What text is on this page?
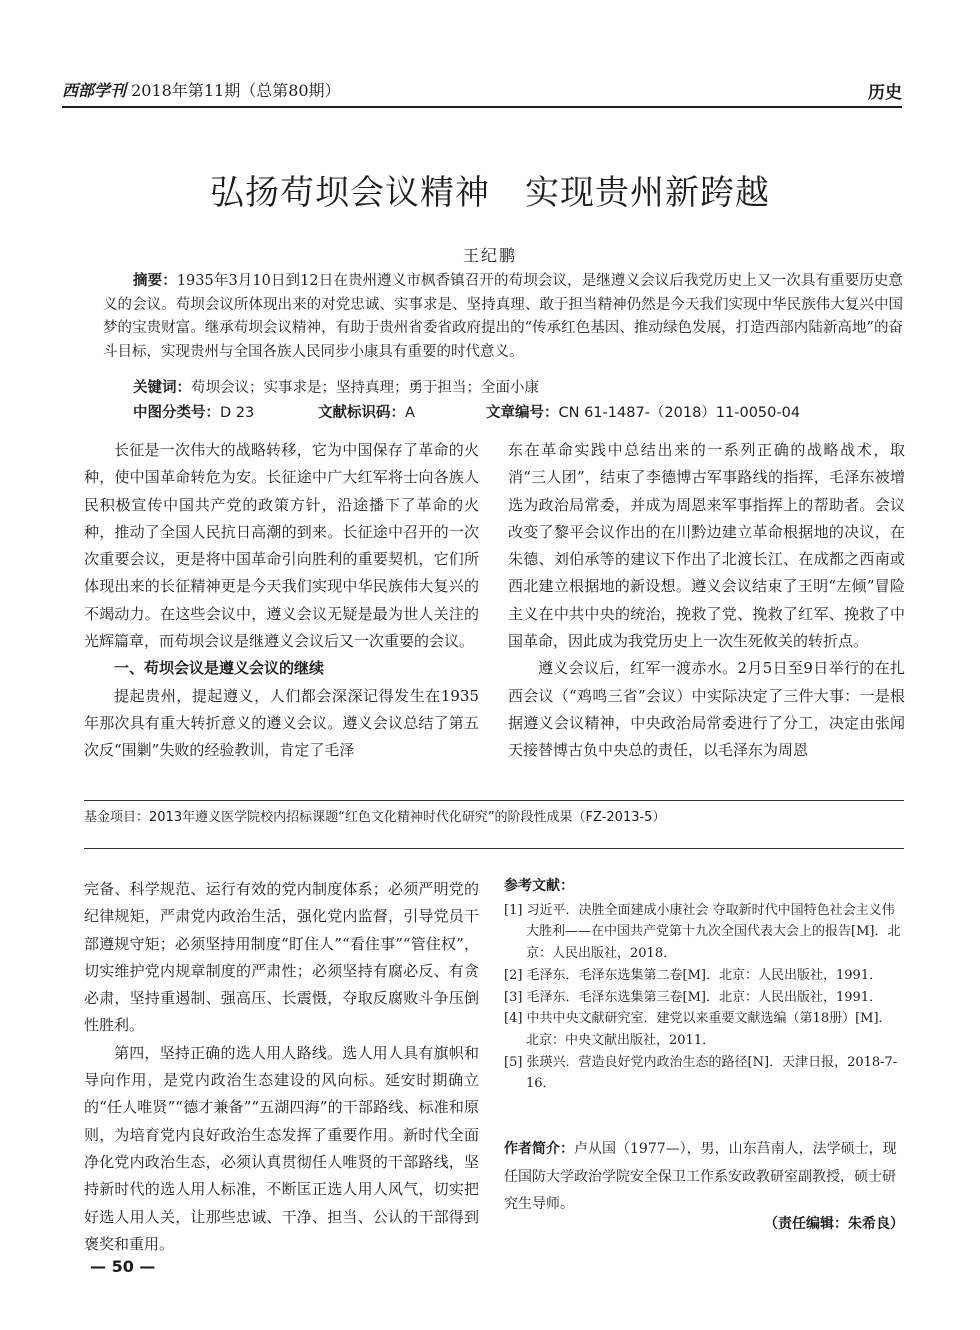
西部学刊 2018年第11期（总第80期）	历史
弘扬苟坝会议精神　实现贵州新跨越
王纪鹏
摘要：1935年3月10日到12日在贵州遵义市枫香镇召开的苟坝会议，是继遵义会议后我党历史上又一次具有重要历史意义的会议。苟坝会议所体现出来的对党忠诚、实事求是、坚持真理、敢于担当精神仍然是今天我们实现中华民族伟大复兴中国梦的宝贵财富。继承苟坝会议精神，有助于贵州省委省政府提出的“传承红色基因、推动绿色发展，打造西部内陆新高地”的奋斗目标，实现贵州与全国各族人民同步小康具有重要的时代意义。
关键词：苟坝会议；实事求是；坚持真理；勇于担当；全面小康
中图分类号：D 23	文献标识码：A	文章编号：CN 61-1487-（2018）11-0050-04

长征是一次伟大的战略转移，它为中国保存了革命的火种，使中国革命转危为安。长征途中广大红军将士向各族人民积极宣传中国共产党的政策方针，沿途播下了革命的火种，推动了全国人民抗日高潮的到来。长征途中召开的一次次重要会议，更是将中国革命引向胜利的重要契机，它们所体现出来的长征精神更是今天我们实现中华民族伟大复兴的不竭动力。在这些会议中，遵义会议无疑是最为世人关注的光辉篇章，而苟坝会议是继遵义会议后又一次重要的会议。

一、苟坝会议是遵义会议的继续

提起贵州，提起遵义，人们都会深深记得发生在1935年那次具有重大转折意义的遵义会议。遵义会议总结了第五次反“围剿”失败的经验教训，肯定了毛泽

东在革命实践中总结出来的一系列正确的战略战术，取消“三人团”，结束了李德博古军事路线的指挥，毛泽东被增选为政治局常委，并成为周恩来军事指挥上的帮助者。会议改变了黎平会议作出的在川黔边建立革命根据地的决议，在朱德、刘伯承等的建议下作出了北渡长江、在成都之西南或西北建立根据地的新设想。遵义会议结束了王明“左倾”冒险主义在中共中央的统治，挽救了党、挽救了红军、挽救了中国革命，因此成为我党历史上一次生死攸关的转折点。

遵义会议后，红军一渡赤水。2月5日至9日举行的在扎西会议（“鸡鸣三省”会议）中实际决定了三件大事：一是根据遵义会议精神，中央政治局常委进行了分工，决定由张闻天接替博古负中央总的责任，以毛泽东为周恩

基金项目：2013年遵义医学院校内招标课题“红色文化精神时代化研究”的阶段性成果（FZ-2013-5）

完备、科学规范、运行有效的党内制度体系；必须严明党的纪律规矩，严肃党内政治生活，强化党内监督，引导党员干部遵规守矩；必须坚持用制度“盯住人”“看住事”“管住权”，切实维护党内规章制度的严肃性；必须坚持有腐必反、有贪必肃，坚持重遏制、强高压、长震慑，夺取反腐败斗争压倒性胜利。

第四，坚持正确的选人用人路线。选人用人具有旗帜和导向作用，是党内政治生态建设的风向标。延安时期确立的“任人唯贤”“德才兼备”“五湖四海”的干部路线、标准和原则，为培育党内良好政治生态发挥了重要作用。新时代全面净化党内政治生态，必须认真贯彻任人唯贤的干部路线，坚持新时代的选人用人标准，不断匡正选人用人风气，切实把好选人用人关，让那些忠诚、干净、担当、公认的干部得到褒奖和重用。

参考文献：
[1] 习近平．决胜全面建成小康社会 夺取新时代中国特色社会主义伟大胜利——在中国共产党第十九次全国代表大会上的报告[M]．北京：人民出版社，2018．
[2] 毛泽东．毛泽东选集第二卷[M]．北京：人民出版社，1991．
[3] 毛泽东．毛泽东选集第三卷[M]．北京：人民出版社，1991．
[4] 中共中央文献研究室．建党以来重要文献选编（第18册）[M]．北京：中央文献出版社，2011．
[5] 张瑛兴．营造良好党内政治生态的路径[N]．天津日报，2018-7-16．
作者简介：卢从国（1977—），男，山东莒南人，法学硕士，现任国防大学政治学院安全保卫工作系安政教研室副教授，硕士研究生导师。
（责任编辑：朱希良）
— 50 —
